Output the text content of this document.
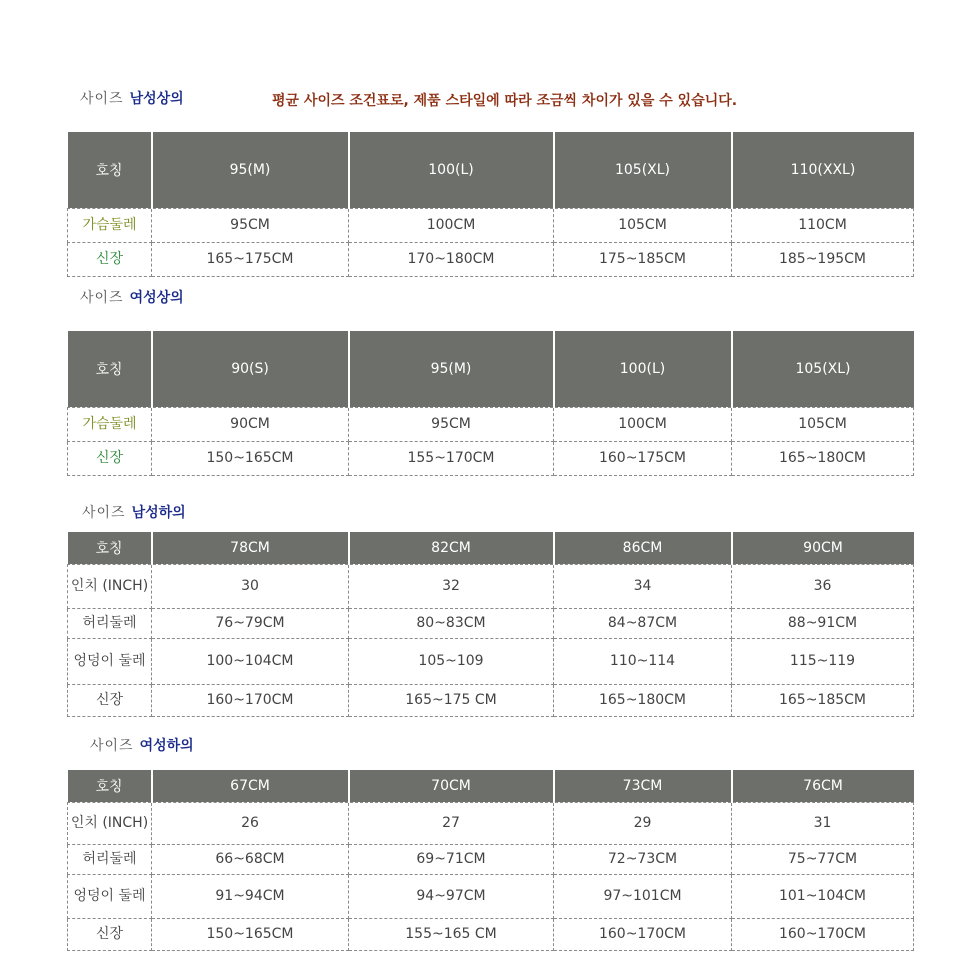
사이즈 남성상의	평균 사이즈 조건표로, 제품 스타일에 따라 조금씩 차이가 있을 수 있습니다.
호칭	95(M)	100(L)	105(XL)	110(XXL)
가슴둘레	95CM	100CM	105CM	110CM
신장	165~175CM	170~180CM	175~185CM	185~195CM
사이즈 여성상의
호칭	90(S)	95(M)	100(L)	105(XL)
가슴둘레	90CM	95CM	100CM	105CM
신장	150~165CM	155~170CM	160~175CM	165~180CM
사이즈 남성하의
호칭	78CM	82CM	86CM	90CM
인치 (INCH)	30	32	34	36
허리둘레	76~79CM	80~83CM	84~87CM	88~91CM
엉덩이 둘레	100~104CM	105~109	110~114	115~119
신장	160~170CM	165~175 CM	165~180CM	165~185CM
사이즈 여성하의
호칭	67CM	70CM	73CM	76CM
인치 (INCH)	26	27	29	31
허리둘레	66~68CM	69~71CM	72~73CM	75~77CM
엉덩이 둘레	91~94CM	94~97CM	97~101CM	101~104CM
신장	150~165CM	155~165 CM	160~170CM	160~170CM
